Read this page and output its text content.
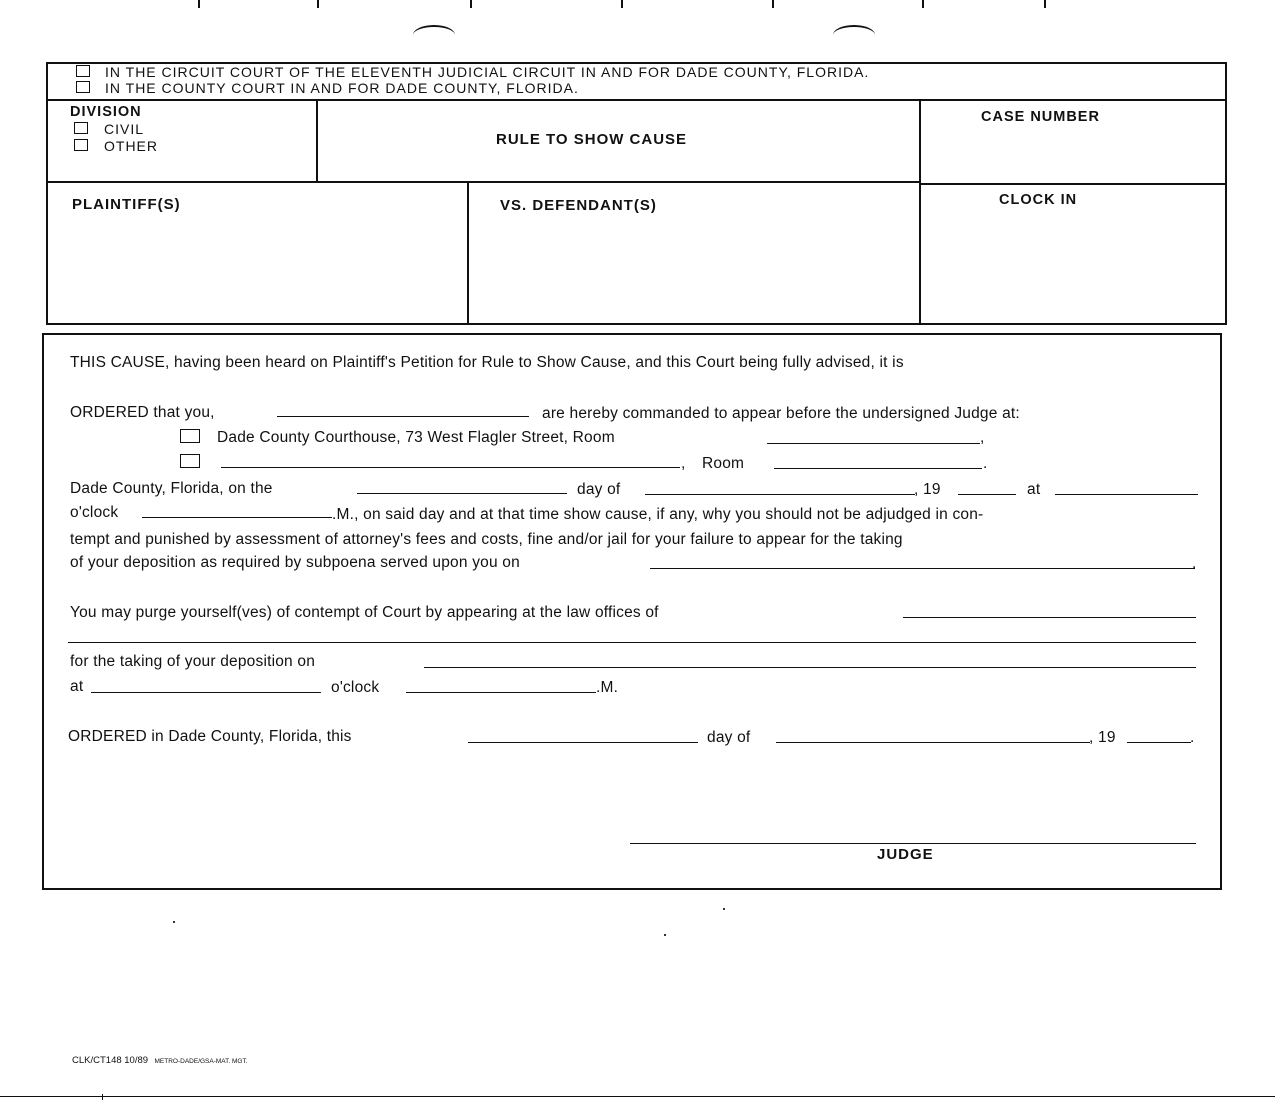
IN THE CIRCUIT COURT OF THE ELEVENTH JUDICIAL CIRCUIT IN AND FOR DADE COUNTY, FLORIDA.
IN THE COUNTY COURT IN AND FOR DADE COUNTY, FLORIDA.
DIVISION
CIVIL
OTHER	RULE TO SHOW CAUSE
CASE NUMBER
PLAINTIFF(S)	VS. DEFENDANT(S)	CLOCK IN
THIS CAUSE, having been heard on Plaintiff's Petition for Rule to Show Cause, and this Court being fully advised, it is
ORDERED that you,	are hereby commanded to appear before the undersigned Judge at:
Dade County Courthouse, 73 West Flagler Street, Room	,
, Room	.
Dade County, Florida, on the	day of	, 19	at
o'clock	.M., on said day and at that time show cause, if any, why you should not be adjudged in con-
tempt and punished by assessment of attorney's fees and costs, fine and/or jail for your failure to appear for the taking
of your deposition as required by subpoena served upon you on	.
You may purge yourself(ves) of contempt of Court by appearing at the law offices of
for the taking of your deposition on
at	o'clock	.M.
ORDERED in Dade County, Florida, this	day of	, 19	.
JUDGE
CLK/CT148 10/89 METRO-DADE/GSA-MAT. MGT.
